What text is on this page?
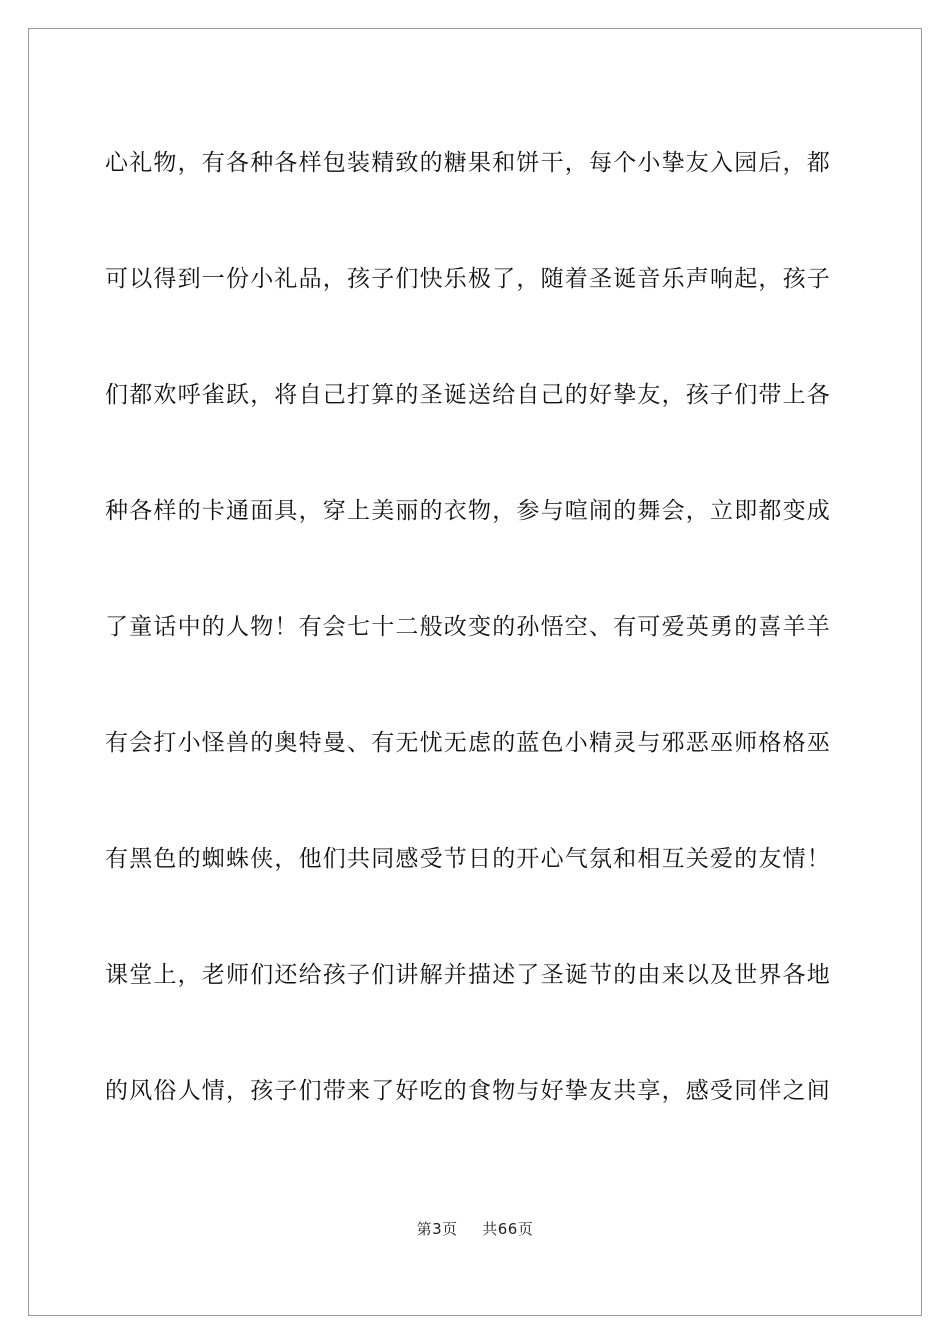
心礼物，有各种各样包装精致的糖果和饼干，每个小挚友入园后，都

可以得到一份小礼品，孩子们快乐极了，随着圣诞音乐声响起，孩子

们都欢呼雀跃，将自己打算的圣诞送给自己的好挚友，孩子们带上各

种各样的卡通面具，穿上美丽的衣物，参与喧闹的舞会，立即都变成

了童话中的人物！有会七十二般改变的孙悟空、有可爱英勇的喜羊羊

有会打小怪兽的奥特曼、有无忧无虑的蓝色小精灵与邪恶巫师格格巫

有黑色的蜘蛛侠，他们共同感受节日的开心气氛和相互关爱的友情！

课堂上，老师们还给孩子们讲解并描述了圣诞节的由来以及世界各地

的风俗人情，孩子们带来了好吃的食物与好挚友共享，感受同伴之间

第3页 共66页
